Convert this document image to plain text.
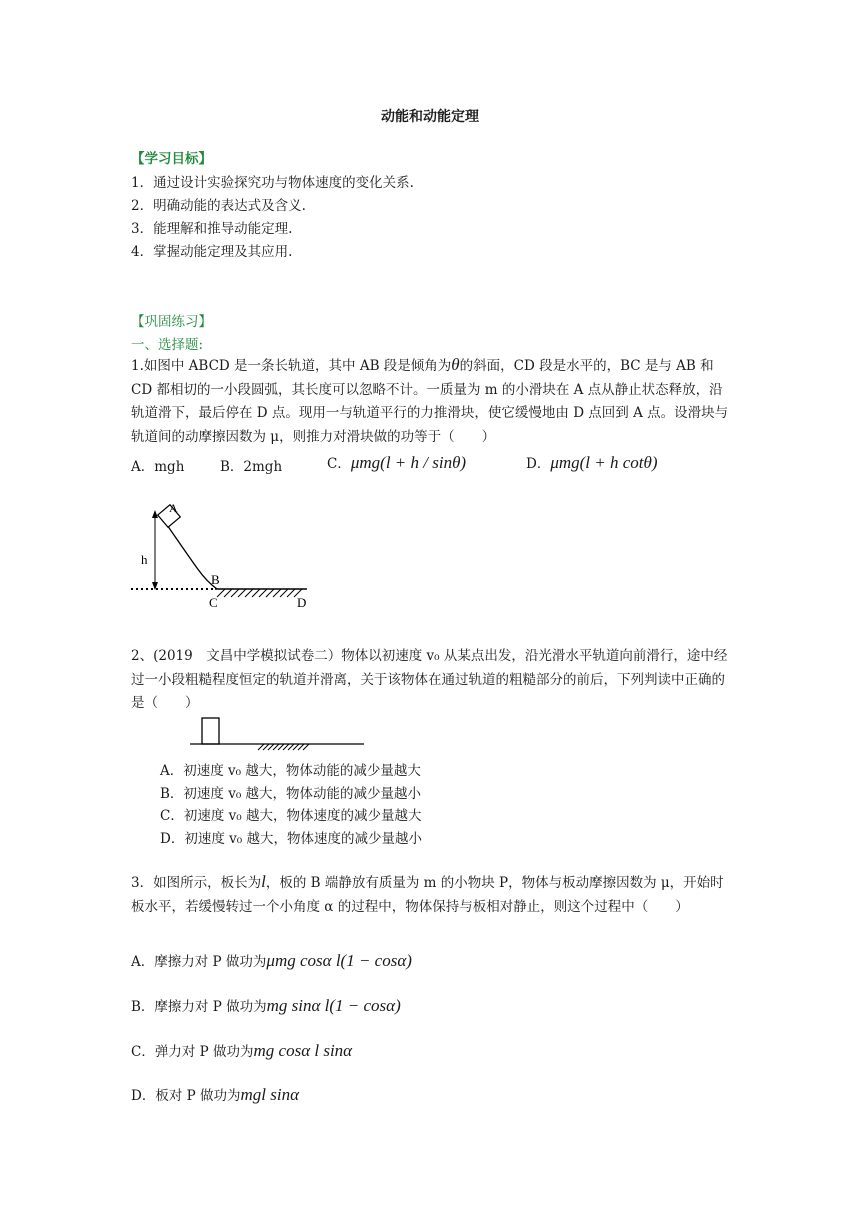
动能和动能定理
【学习目标】
1．通过设计实验探究功与物体速度的变化关系.
2．明确动能的表达式及含义.
3．能理解和推导动能定理.
4．掌握动能定理及其应用.
【巩固练习】
一、选择题:
1.如图中 ABCD 是一条长轨道，其中 AB 段是倾角为θ的斜面，CD 段是水平的，BC 是与 AB 和 CD 都相切的一小段圆弧，其长度可以忽略不计。一质量为 m 的小滑块在 A 点从静止状态释放，沿轨道滑下，最后停在 D 点。现用一与轨道平行的力推滑块，使它缓慢地由 D 点回到 A 点。设滑块与轨道间的动摩擦因数为 μ，则推力对滑块做的功等于（　　）
A．mgh	B．2mgh	C．μmg(l + h / sinθ)	D．μmg(l + h cotθ)
A
h
B
C	D
2、(2019　文昌中学模拟试卷二）物体以初速度 v₀ 从某点出发，沿光滑水平轨道向前滑行，途中经过一小段粗糙程度恒定的轨道并滑离，关于该物体在通过轨道的粗糙部分的前后，下列判读中正确的是（　　）
A．初速度 v₀ 越大，物体动能的减少量越大
B．初速度 v₀ 越大，物体动能的减少量越小
C．初速度 v₀ 越大，物体速度的减少量越大
D．初速度 v₀ 越大，物体速度的减少量越小
3．如图所示，板长为l，板的 B 端静放有质量为 m 的小物块 P，物体与板动摩擦因数为 μ，开始时板水平，若缓慢转过一个小角度 α 的过程中，物体保持与板相对静止，则这个过程中（　　）
A．摩擦力对 P 做功为μmg cosα l(1 − cosα)
B．摩擦力对 P 做功为mg sinα l(1 − cosα)
C．弹力对 P 做功为mg cosα l sinα
D．板对 P 做功为mgl sinα
